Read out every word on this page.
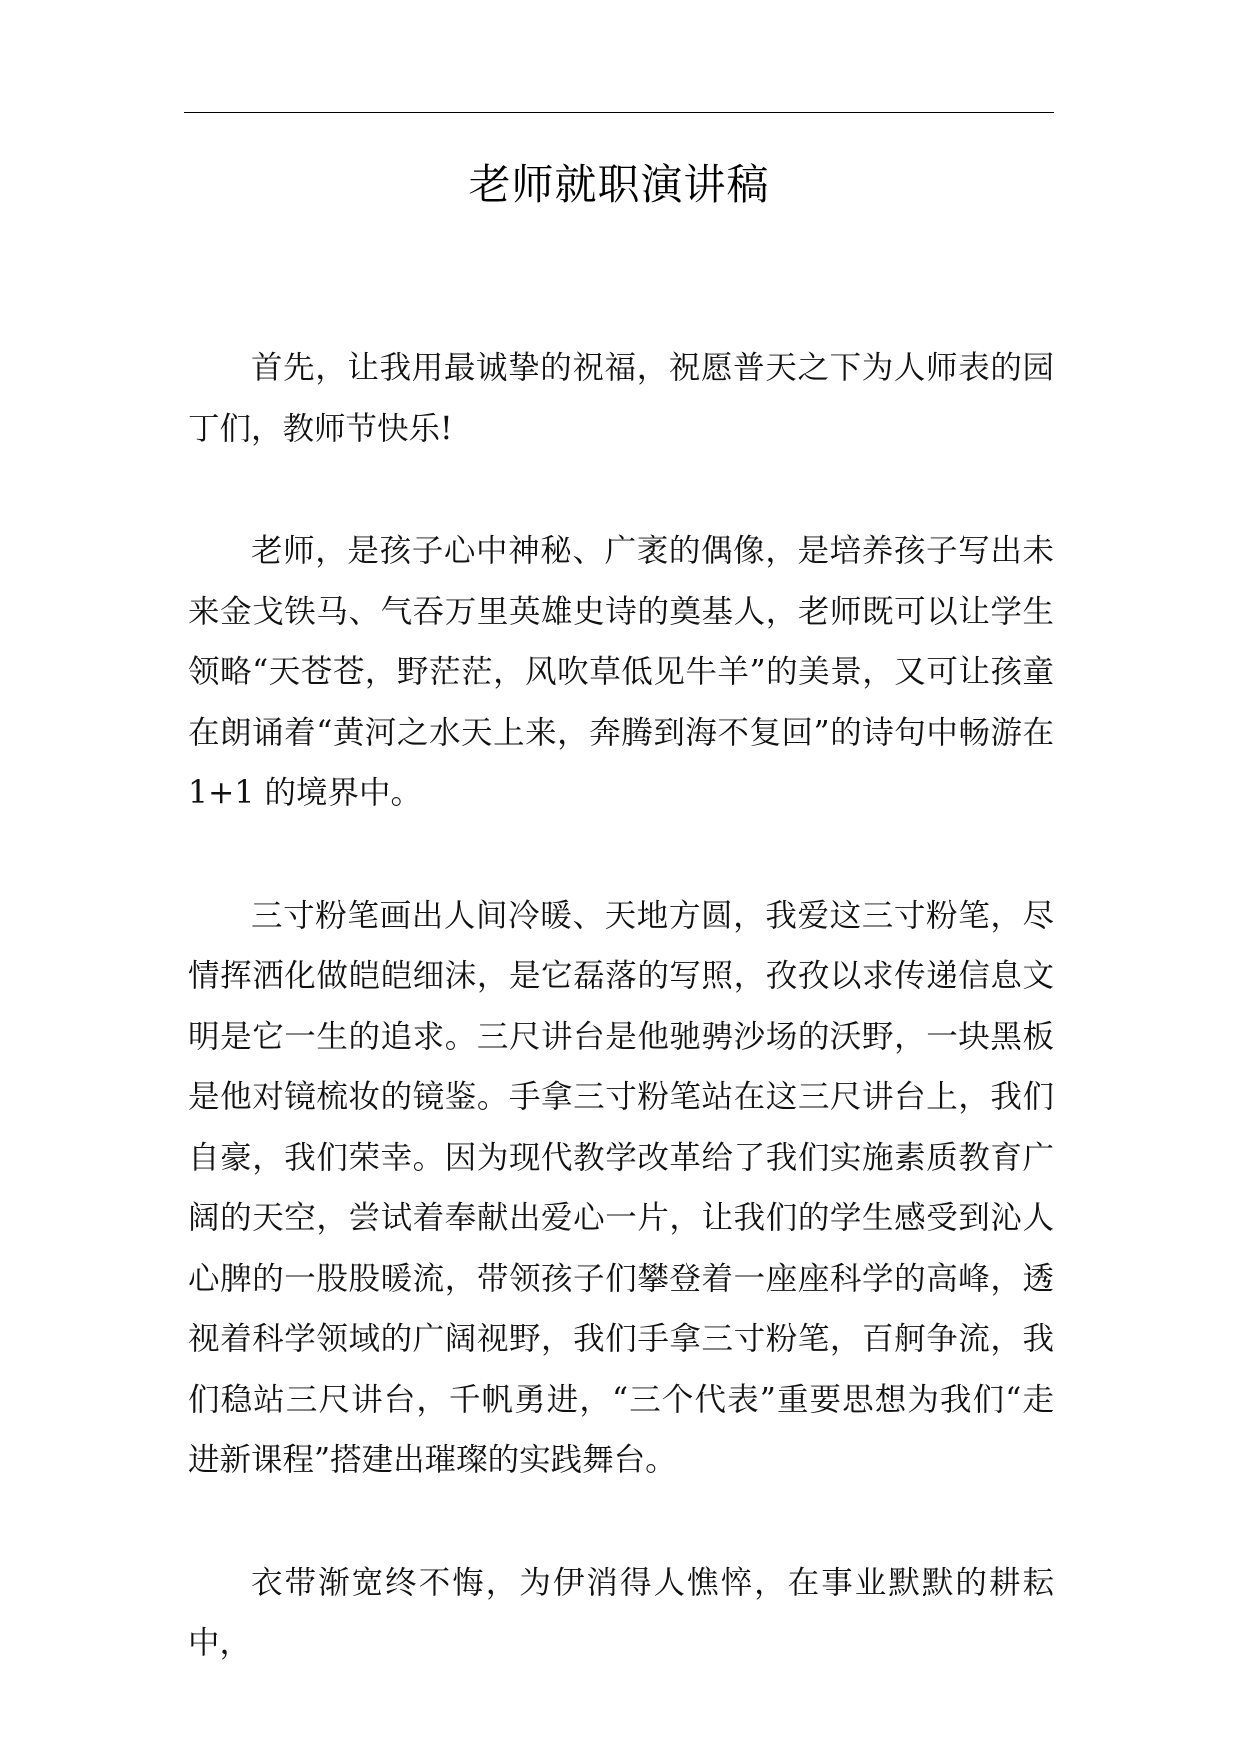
老师就职演讲稿

首先，让我用最诚挚的祝福，祝愿普天之下为人师表的园丁们，教师节快乐!

老师，是孩子心中神秘、广袤的偶像，是培养孩子写出未来金戈铁马、气吞万里英雄史诗的奠基人，老师既可以让学生领略“天苍苍，野茫茫，风吹草低见牛羊”的美景，又可让孩童在朗诵着“黄河之水天上来，奔腾到海不复回”的诗句中畅游在 1+1 的境界中。

三寸粉笔画出人间冷暖、天地方圆，我爱这三寸粉笔，尽情挥洒化做皑皑细沫，是它磊落的写照，孜孜以求传递信息文明是它一生的追求。三尺讲台是他驰骋沙场的沃野，一块黑板是他对镜梳妆的镜鉴。手拿三寸粉笔站在这三尺讲台上，我们自豪，我们荣幸。因为现代教学改革给了我们实施素质教育广阔的天空，尝试着奉献出爱心一片，让我们的学生感受到沁人心脾的一股股暖流，带领孩子们攀登着一座座科学的高峰，透视着科学领域的广阔视野，我们手拿三寸粉笔，百舸争流，我们稳站三尺讲台，千帆勇进，“三个代表”重要思想为我们“走进新课程”搭建出璀璨的实践舞台。

衣带渐宽终不悔，为伊消得人憔悴，在事业默默的耕耘中，
